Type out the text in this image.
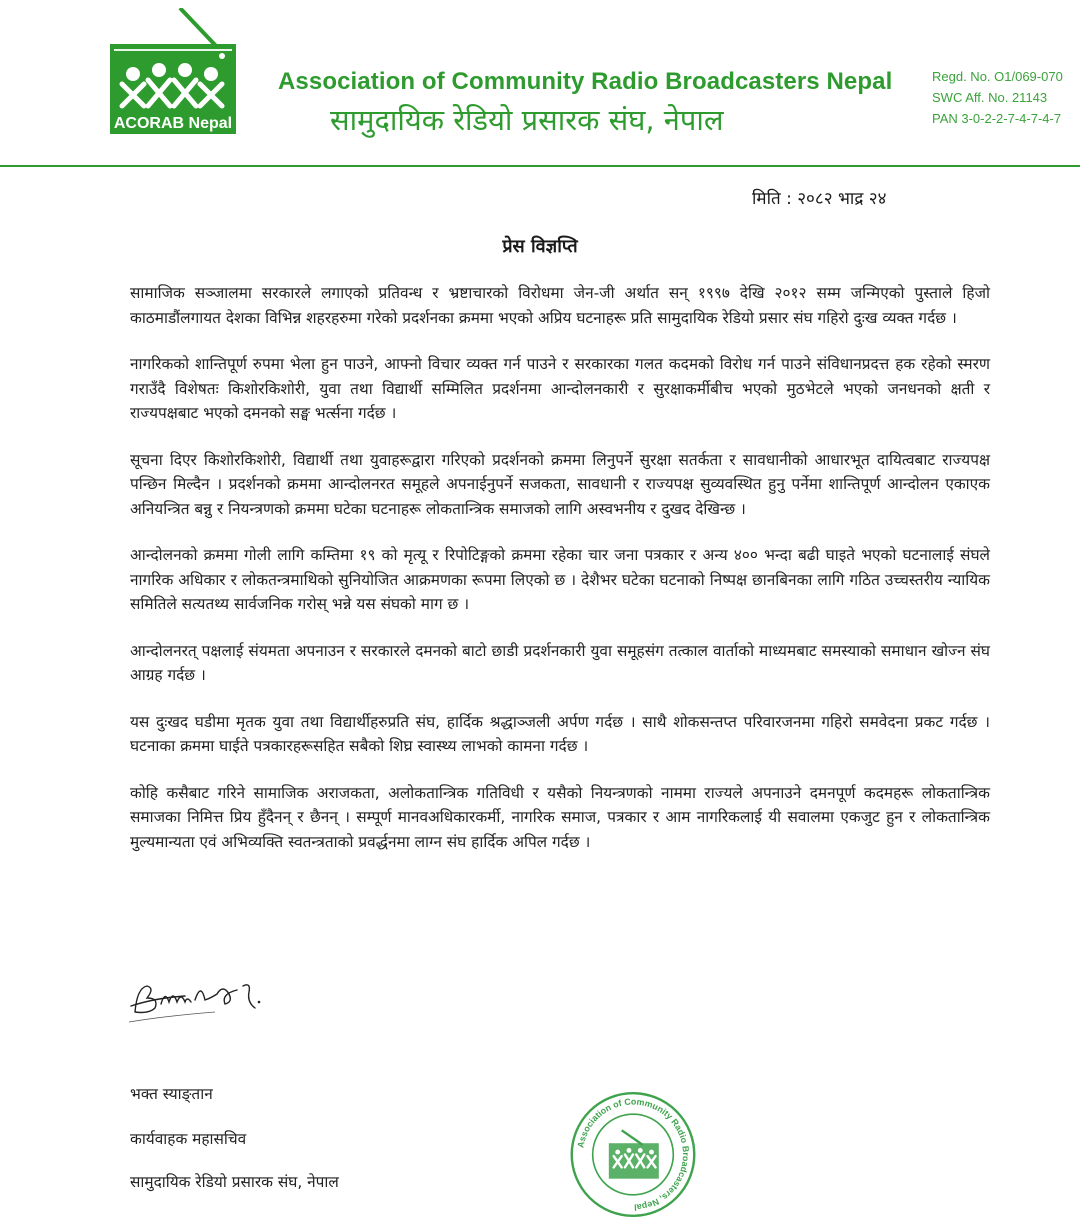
ACORAB Nepal
Association of Community Radio Broadcasters Nepal
सामुदायिक रेडियो प्रसारक संघ, नेपाल
Regd. No. O1/069-070
SWC Aff. No. 21143
PAN 3-0-2-2-7-4-7-4-7
मिति : २०८२ भाद्र २४
प्रेस विज्ञप्ति

सामाजिक सञ्जालमा सरकारले लगाएको प्रतिवन्ध र भ्रष्टाचारको विरोधमा जेन-जी अर्थात सन् १९९७ देखि २०१२ सम्म जन्मिएको पुस्ताले हिजो काठमाडौंलगायत देशका विभिन्न शहरहरुमा गरेको प्रदर्शनका क्रममा भएको अप्रिय घटनाहरू प्रति सामुदायिक रेडियो प्रसार संघ गहिरो दुःख व्यक्त गर्दछ ।

नागरिकको शान्तिपूर्ण रुपमा भेला हुन पाउने, आफ्नो विचार व्यक्त गर्न पाउने र सरकारका गलत कदमको विरोध गर्न पाउने संविधानप्रदत्त हक रहेको स्मरण गराउँदै विशेषतः किशोरकिशोरी, युवा तथा विद्यार्थी सम्मिलित प्रदर्शनमा आन्दोलनकारी र सुरक्षाकर्मीबीच भएको मुठभेटले भएको जनधनको क्षती र राज्यपक्षबाट भएको दमनको सङ्घ भर्त्सना गर्दछ ।

सूचना दिएर किशोरकिशोरी, विद्यार्थी तथा युवाहरूद्वारा गरिएको प्रदर्शनको क्रममा लिनुपर्ने सुरक्षा सतर्कता र सावधानीको आधारभूत दायित्वबाट राज्यपक्ष पन्छिन मिल्दैन । प्रदर्शनको क्रममा आन्दोलनरत समूहले अपनाईनुपर्ने सजकता, सावधानी र राज्यपक्ष सुव्यवस्थित हुनु पर्नेमा शान्तिपूर्ण आन्दोलन एकाएक अनियन्त्रित बन्नु र नियन्त्रणको क्रममा घटेका घटनाहरू लोकतान्त्रिक समाजको लागि अस्वभनीय र दुखद देखिन्छ ।

आन्दोलनको क्रममा गोली लागि कम्तिमा १९ को मृत्यू र रिपोटिङ्गको क्रममा रहेका चार जना पत्रकार र अन्य ४०० भन्दा बढी घाइते भएको घटनालाई संघले नागरिक अधिकार र लोकतन्त्रमाथिको सुनियोजित आक्रमणका रूपमा लिएको छ । देशैभर घटेका घटनाको निष्पक्ष छानबिनका लागि गठित उच्चस्तरीय न्यायिक समितिले सत्यतथ्य सार्वजनिक गरोस् भन्ने यस संघको माग छ ।

आन्दोलनरत् पक्षलाई संयमता अपनाउन र सरकारले दमनको बाटो छाडी प्रदर्शनकारी युवा समूहसंग तत्काल वार्ताको माध्यमबाट समस्याको समाधान खोज्न संघ आग्रह गर्दछ ।

यस दुःखद घडीमा मृतक युवा तथा विद्यार्थीहरुप्रति संघ, हार्दिक श्रद्धाञ्जली अर्पण गर्दछ । साथै शोकसन्तप्त परिवारजनमा गहिरो समवेदना प्रकट गर्दछ । घटनाका क्रममा घाईते पत्रकारहरूसहित सबैको शिघ्र स्वास्थ्य लाभको कामना गर्दछ ।

कोहि कसैबाट गरिने सामाजिक अराजकता, अलोकतान्त्रिक गतिविधी र यसैको नियन्त्रणको नाममा राज्यले अपनाउने दमनपूर्ण कदमहरू लोकतान्त्रिक समाजका निमित्त प्रिय हुँदैनन् र छैनन् । सम्पूर्ण मानवअधिकारकर्मी, नागरिक समाज, पत्रकार र आम नागरिकलाई यी सवालमा एकजुट हुन र लोकतान्त्रिक मुल्यमान्यता एवं अभिव्यक्ति स्वतन्त्रताको प्रवर्द्धनमा लाग्न संघ हार्दिक अपिल गर्दछ ।

भक्त स्याङ्तान
कार्यवाहक महासचिव
सामुदायिक रेडियो प्रसारक संघ, नेपाल
Association of Community Radio Broadcasters, Nepal
